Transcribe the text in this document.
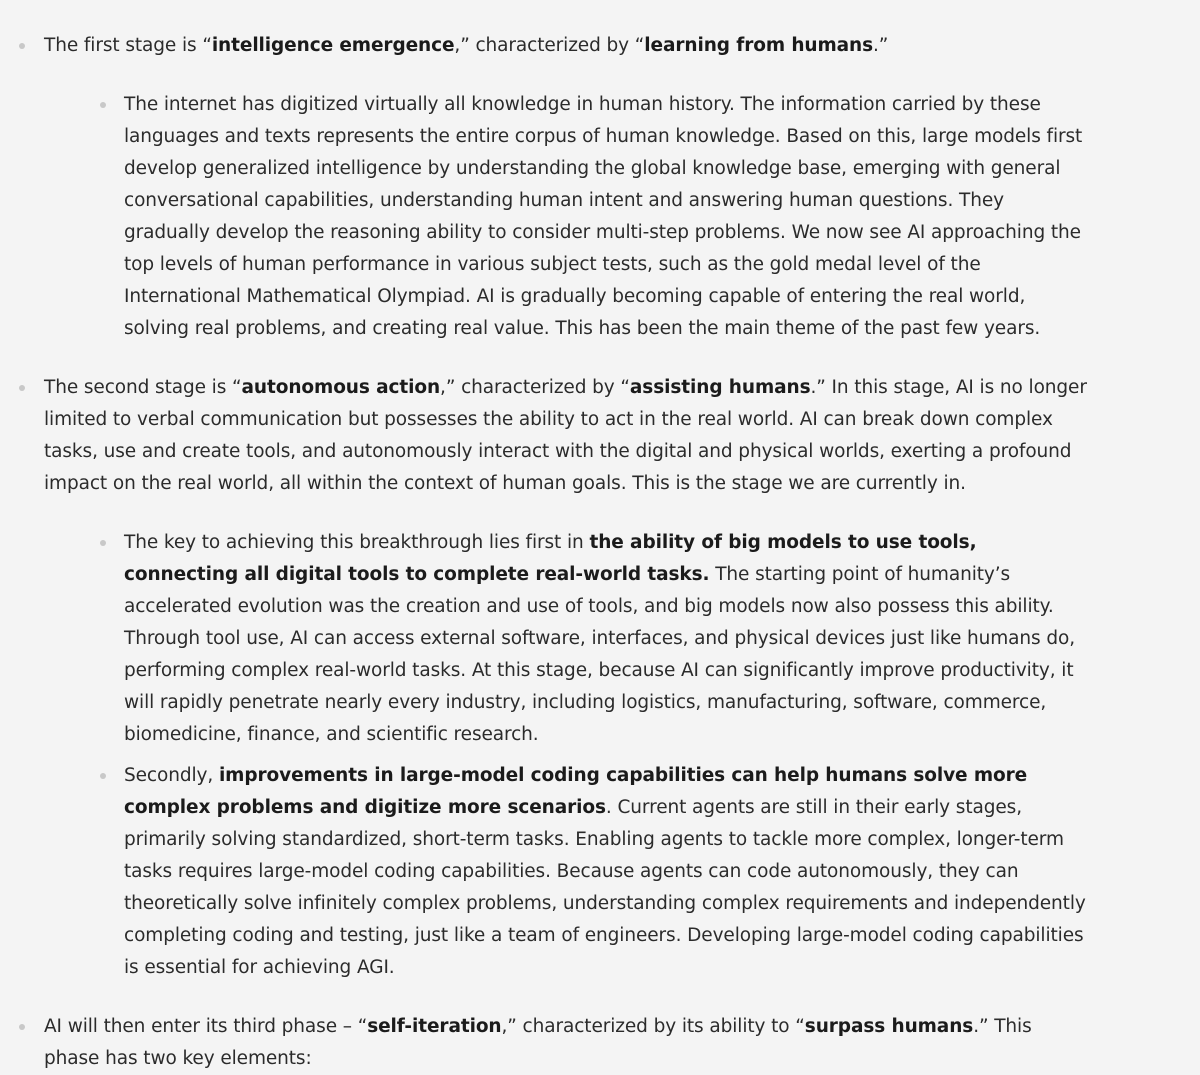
The first stage is “intelligence emergence,” characterized by “learning from humans.”
The internet has digitized virtually all knowledge in human history. The information carried by these languages and texts represents the entire corpus of human knowledge. Based on this, large models first develop generalized intelligence by understanding the global knowledge base, emerging with general conversational capabilities, understanding human intent and answering human questions. They gradually develop the reasoning ability to consider multi-step problems. We now see AI approaching the top levels of human performance in various subject tests, such as the gold medal level of the International Mathematical Olympiad. AI is gradually becoming capable of entering the real world, solving real problems, and creating real value. This has been the main theme of the past few years.
The second stage is “autonomous action,” characterized by “assisting humans.” In this stage, AI is no longer limited to verbal communication but possesses the ability to act in the real world. AI can break down complex tasks, use and create tools, and autonomously interact with the digital and physical worlds, exerting a profound impact on the real world, all within the context of human goals. This is the stage we are currently in.
The key to achieving this breakthrough lies first in the ability of big models to use tools, connecting all digital tools to complete real-world tasks. The starting point of humanity’s accelerated evolution was the creation and use of tools, and big models now also possess this ability. Through tool use, AI can access external software, interfaces, and physical devices just like humans do, performing complex real-world tasks. At this stage, because AI can significantly improve productivity, it will rapidly penetrate nearly every industry, including logistics, manufacturing, software, commerce, biomedicine, finance, and scientific research.
Secondly, improvements in large-model coding capabilities can help humans solve more complex problems and digitize more scenarios. Current agents are still in their early stages, primarily solving standardized, short-term tasks. Enabling agents to tackle more complex, longer-term tasks requires large-model coding capabilities. Because agents can code autonomously, they can theoretically solve infinitely complex problems, understanding complex requirements and independently completing coding and testing, just like a team of engineers. Developing large-model coding capabilities is essential for achieving AGI.
AI will then enter its third phase – “self-iteration,” characterized by its ability to “surpass humans.” This phase has two key elements:
